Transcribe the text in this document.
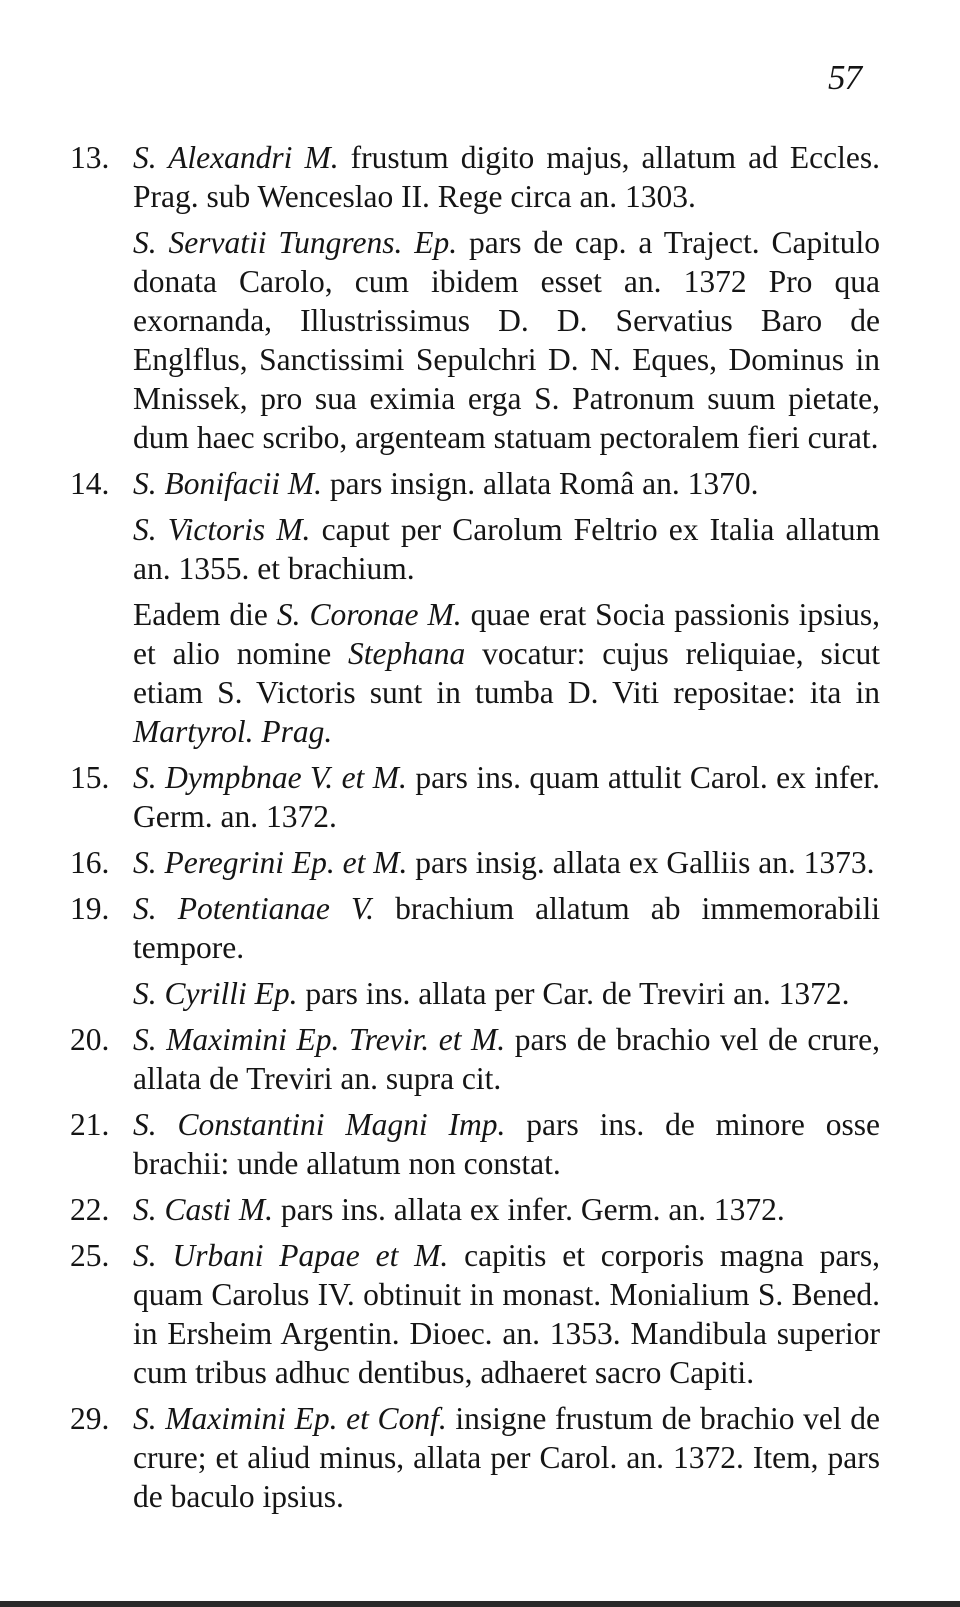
57
13. S. Alexandri M. frustum digito majus, allatum ad Eccles. Prag. sub Wenceslao II. Rege circa an. 1303.
S. Servatii Tungrens. Ep. pars de cap. a Traject. Capitulo donata Carolo, cum ibidem esset an. 1372 Pro qua exornanda, Illustrissimus D. D. Servatius Baro de Englflus, Sanctissimi Sepulchri D. N. Eques, Dominus in Mnissek, pro sua eximia erga S. Patronum suum pietate, dum haec scribo, argenteam statuam pectoralem fieri curat.
14. S. Bonifacii M. pars insign. allata Româ an. 1370.
S. Victoris M. caput per Carolum Feltrio ex Italia allatum an. 1355. et brachium.
Eadem die S. Coronae M. quae erat Socia passionis ipsius, et alio nomine Stephana vocatur: cujus reliquiae, sicut etiam S. Victoris sunt in tumba D. Viti repositae: ita in Martyrol. Prag.
15. S. Dympbnae V. et M. pars ins. quam attulit Carol. ex infer. Germ. an. 1372.
16. S. Peregrini Ep. et M. pars insig. allata ex Galliis an. 1373.
19. S. Potentianae V. brachium allatum ab immemorabili tempore.
S. Cyrilli Ep. pars ins. allata per Car. de Treviri an. 1372.
20. S. Maximini Ep. Trevir. et M. pars de brachio vel de crure, allata de Treviri an. supra cit.
21. S. Constantini Magni Imp. pars ins. de minore osse brachii: unde allatum non constat.
22. S. Casti M. pars ins. allata ex infer. Germ. an. 1372.
25. S. Urbani Papae et M. capitis et corporis magna pars, quam Carolus IV. obtinuit in monast. Monialium S. Bened. in Ersheim Argentin. Dioec. an. 1353. Mandibula superior cum tribus adhuc dentibus, adhaeret sacro Capiti.
29. S. Maximini Ep. et Conf. insigne frustum de brachio vel de crure; et aliud minus, allata per Carol. an. 1372. Item, pars de baculo ipsius.
